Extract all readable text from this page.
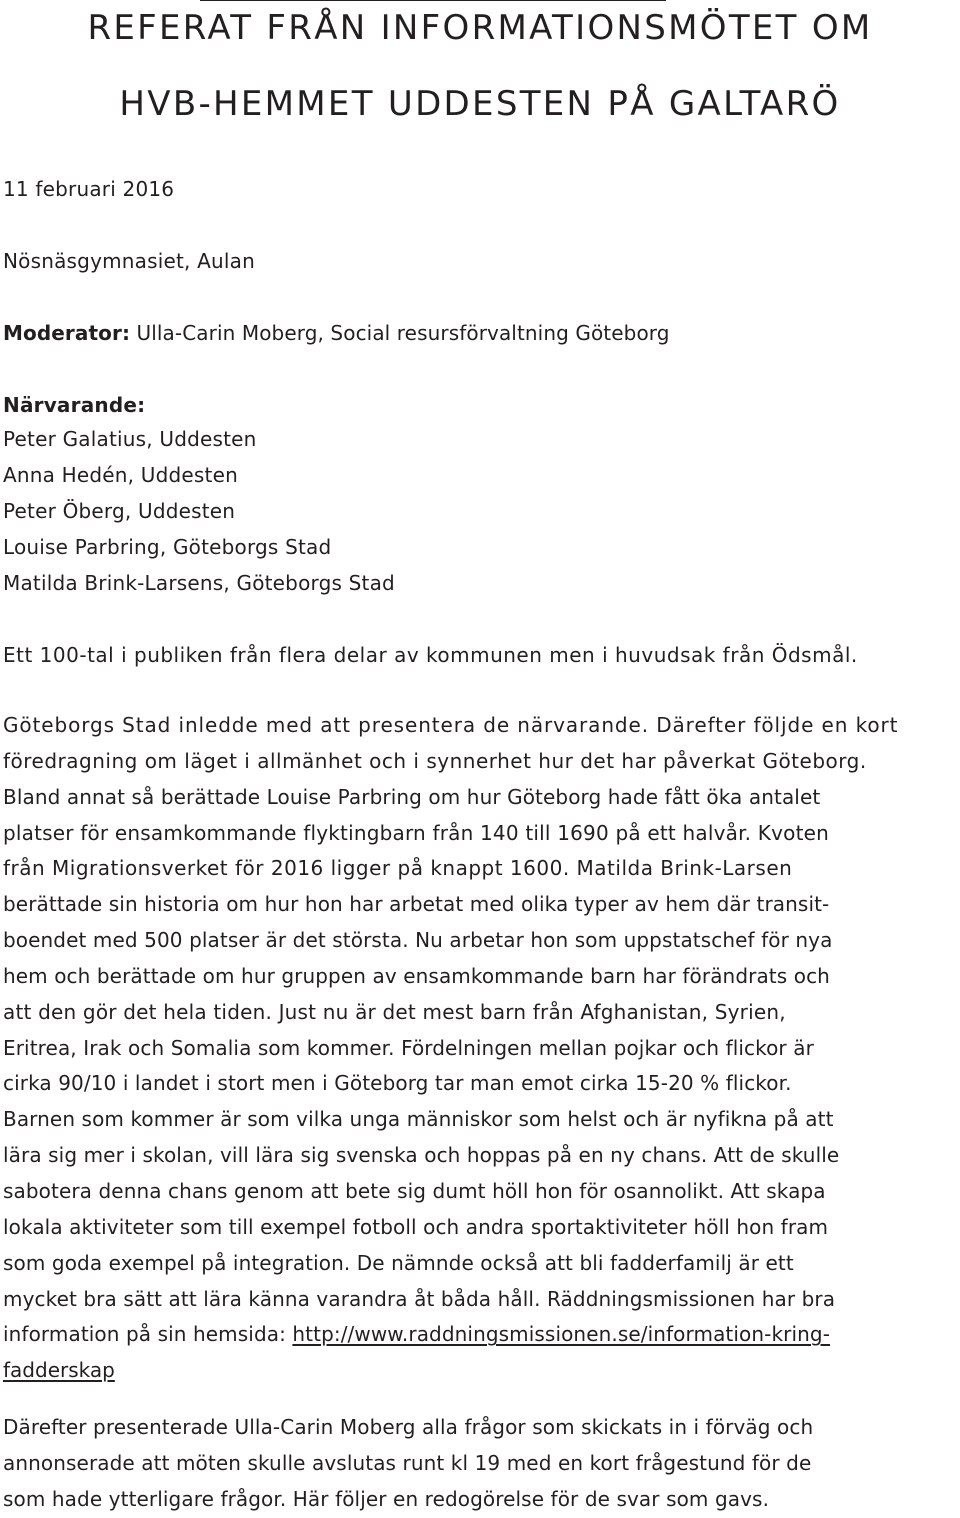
REFERAT FRÅN INFORMATIONSMÖTET OM
HVB-HEMMET UDDESTEN PÅ GALTARÖ

11 februari 2016

Nösnäsgymnasiet, Aulan

Moderator: Ulla-Carin Moberg, Social resursförvaltning Göteborg

Närvarande:

Peter Galatius, Uddesten

Anna Hedén, Uddesten

Peter Öberg, Uddesten

Louise Parbring, Göteborgs Stad

Matilda Brink-Larsens, Göteborgs Stad

Ett 100-tal i publiken från flera delar av kommunen men i huvudsak från Ödsmål.

Göteborgs Stad inledde med att presentera de närvarande. Därefter följde en kort
föredragning om läget i allmänhet och i synnerhet hur det har påverkat Göteborg.
Bland annat så berättade Louise Parbring om hur Göteborg hade fått öka antalet
platser för ensamkommande flyktingbarn från 140 till 1690 på ett halvår. Kvoten
från Migrationsverket för 2016 ligger på knappt 1600. Matilda Brink-Larsen
berättade sin historia om hur hon har arbetat med olika typer av hem där transit-
boendet med 500 platser är det största. Nu arbetar hon som uppstatschef för nya
hem och berättade om hur gruppen av ensamkommande barn har förändrats och
att den gör det hela tiden. Just nu är det mest barn från Afghanistan, Syrien,
Eritrea, Irak och Somalia som kommer. Fördelningen mellan pojkar och flickor är
cirka 90/10 i landet i stort men i Göteborg tar man emot cirka 15-20 % flickor.
Barnen som kommer är som vilka unga människor som helst och är nyfikna på att
lära sig mer i skolan, vill lära sig svenska och hoppas på en ny chans. Att de skulle
sabotera denna chans genom att bete sig dumt höll hon för osannolikt. Att skapa
lokala aktiviteter som till exempel fotboll och andra sportaktiviteter höll hon fram
som goda exempel på integration. De nämnde också att bli fadderfamilj är ett
mycket bra sätt att lära känna varandra åt båda håll. Räddningsmissionen har bra
information på sin hemsida: http://www.raddningsmissionen.se/information-kring-
fadderskap

Därefter presenterade Ulla-Carin Moberg alla frågor som skickats in i förväg och
annonserade att möten skulle avslutas runt kl 19 med en kort frågestund för de
som hade ytterligare frågor. Här följer en redogörelse för de svar som gavs.
